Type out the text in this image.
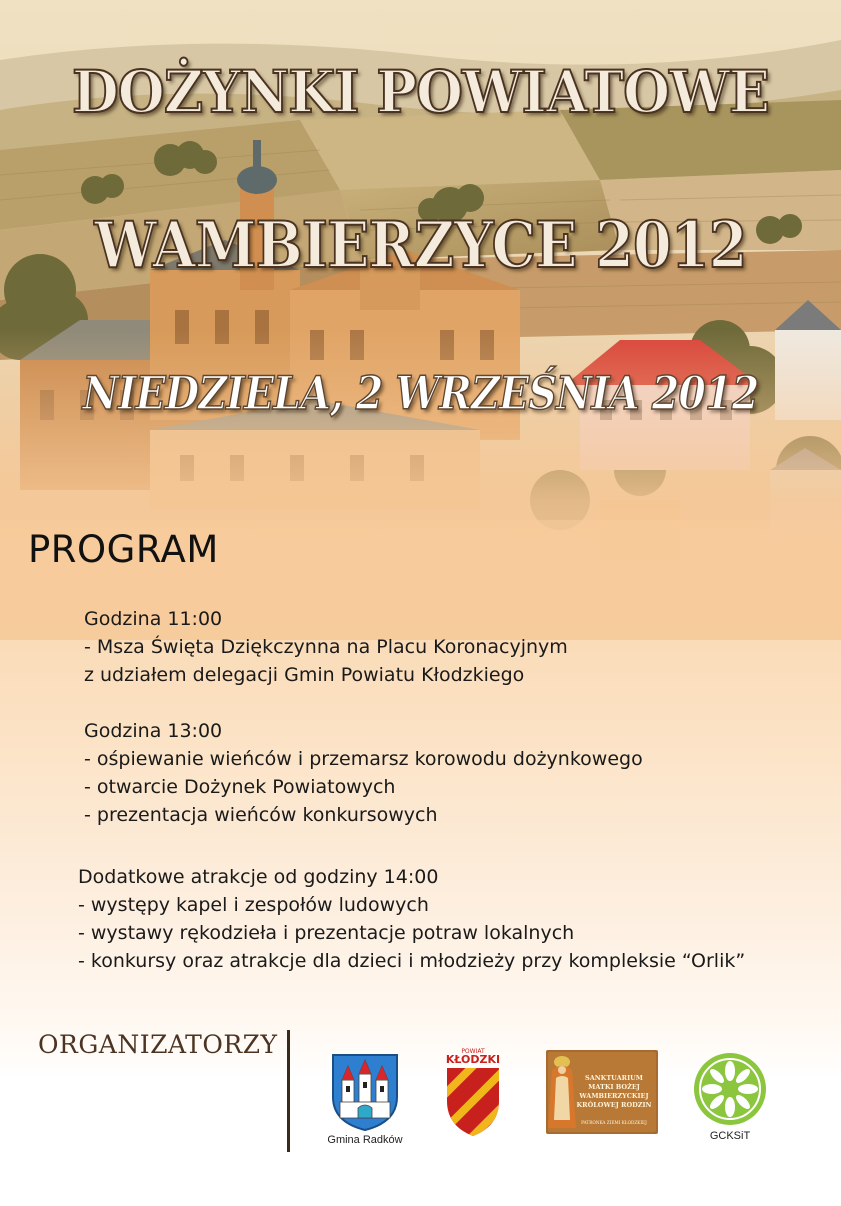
DOŻYNKI POWIATOWE
WAMBIERZYCE 2012
NIEDZIELA, 2 WRZEŚNIA 2012
PROGRAM
Godzina 11:00
- Msza Święta Dziękczynna na Placu Koronacyjnym
z udziałem delegacji Gmin Powiatu Kłodzkiego
Godzina 13:00
- ośpiewanie wieńców i przemarsz korowodu dożynkowego
- otwarcie Dożynek Powiatowych
- prezentacja wieńców konkursowych
Dodatkowe atrakcje od godziny 14:00
- występy kapel i zespołów ludowych
- wystawy rękodzieła i prezentacje potraw lokalnych
- konkursy oraz atrakcje dla dzieci i młodzieży przy kompleksie “Orlik”
ORGANIZATORZY
Gmina Radków
POWIAT
KŁODZKI
SANKTUARIUM
MATKI BOŻEJ
WAMBIERZYCKIEJ
KRÓLOWEJ RODZIN
PATRONKA ZIEMI KŁODZKIEJ
GCKSiT
